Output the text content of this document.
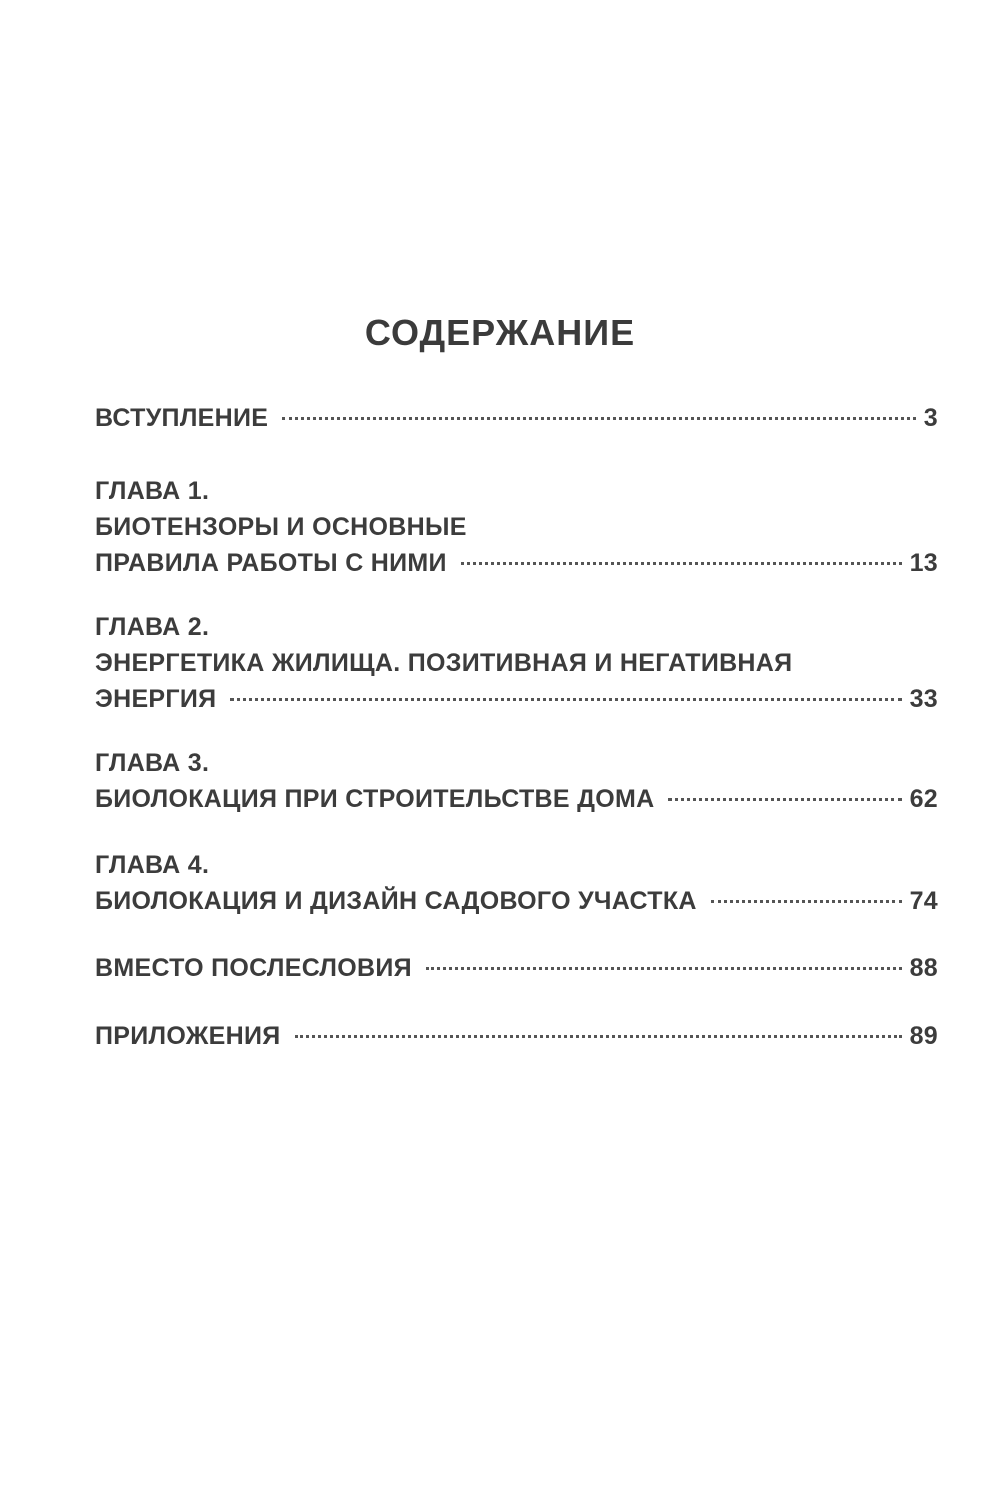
СОДЕРЖАНИЕ
ВСТУПЛЕНИЕ	3
ГЛАВА 1.
БИОТЕНЗОРЫ И ОСНОВНЫЕ
ПРАВИЛА РАБОТЫ С НИМИ	13
ГЛАВА 2.
ЭНЕРГЕТИКА ЖИЛИЩА. ПОЗИТИВНАЯ И НЕГАТИВНАЯ
ЭНЕРГИЯ	33
ГЛАВА 3.
БИОЛОКАЦИЯ ПРИ СТРОИТЕЛЬСТВЕ ДОМА	62
ГЛАВА 4.
БИОЛОКАЦИЯ И ДИЗАЙН САДОВОГО УЧАСТКА	74
ВМЕСТО ПОСЛЕСЛОВИЯ	88
ПРИЛОЖЕНИЯ	89
